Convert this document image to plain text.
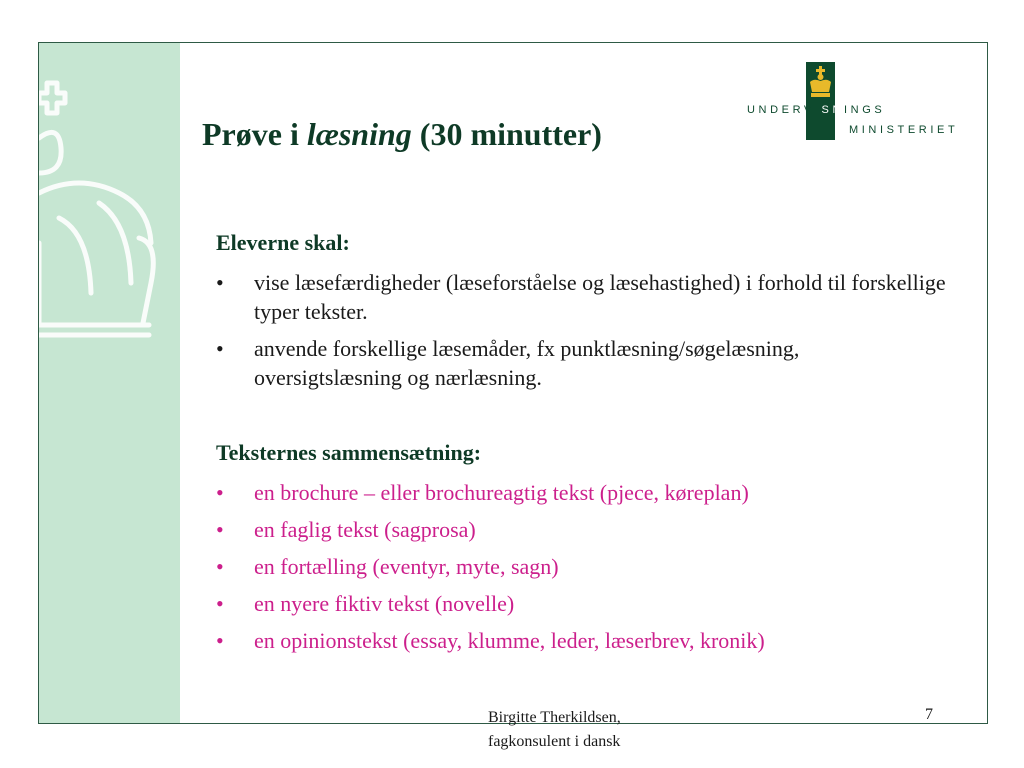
Prøve i læsning (30 minutter)
UNDERVISNINGS
MINISTERIET
Eleverne skal:
• vise læsefærdigheder (læseforståelse og læsehastighed) i forhold til forskellige typer tekster.
• anvende forskellige læsemåder, fx punktlæsning/søgelæsning, oversigtslæsning og nærlæsning.
Teksternes sammensætning:
• en brochure – eller brochureagtig tekst (pjece, køreplan)
• en faglig tekst (sagprosa)
• en fortælling (eventyr, myte, sagn)
• en nyere fiktiv tekst (novelle)
• en opinionstekst (essay, klumme, leder, læserbrev, kronik)
Birgitte Therkildsen,
fagkonsulent i dansk
7
